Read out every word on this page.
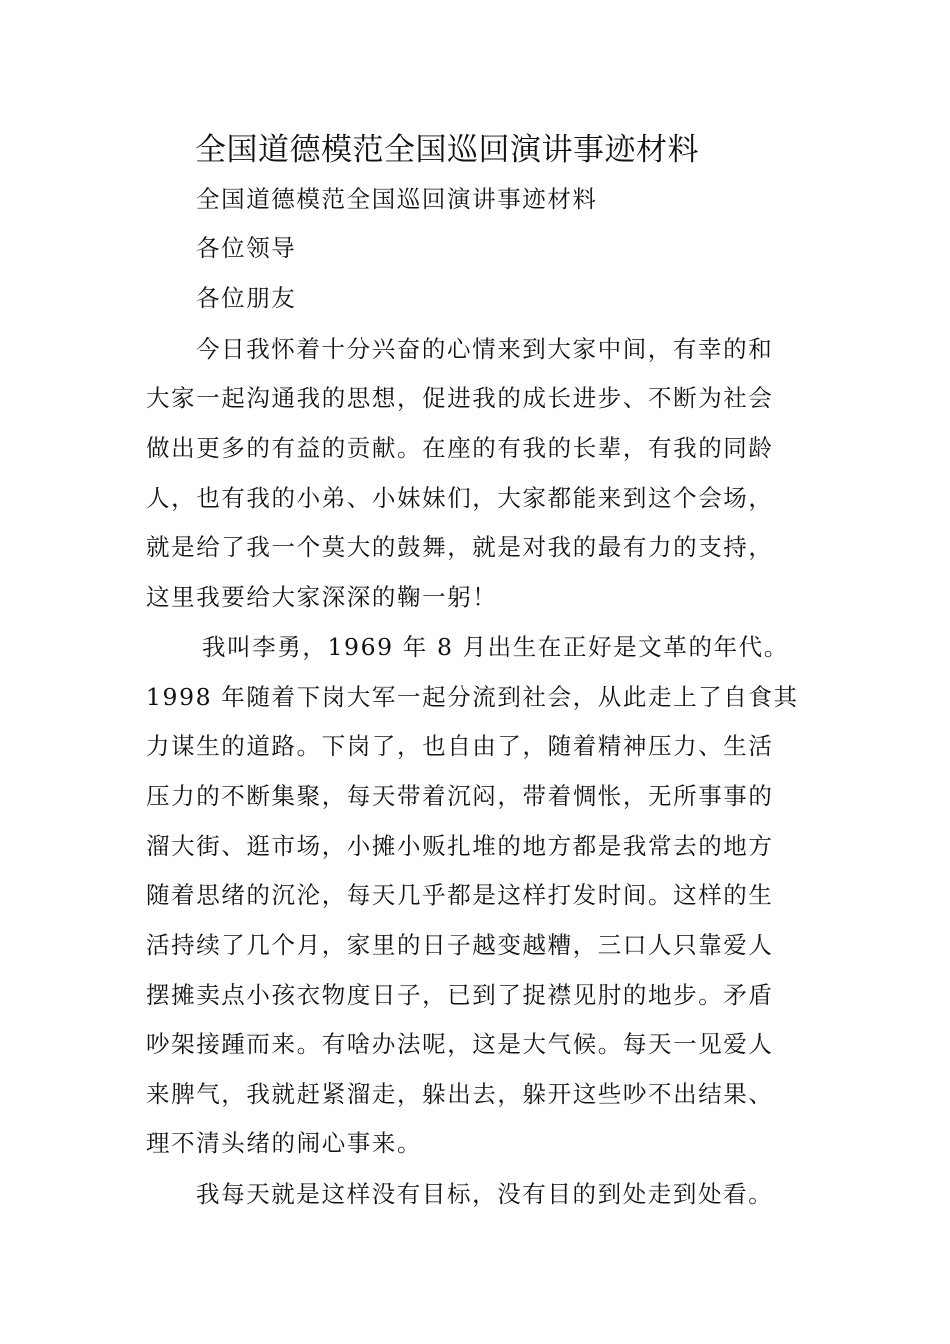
全国道德模范全国巡回演讲事迹材料
全国道德模范全国巡回演讲事迹材料
各位领导
各位朋友
今日我怀着十分兴奋的心情来到大家中间，有幸的和
大家一起沟通我的思想，促进我的成长进步、不断为社会
做出更多的有益的贡献。在座的有我的长辈，有我的同龄
人，也有我的小弟、小妹妹们，大家都能来到这个会场，
就是给了我一个莫大的鼓舞，就是对我的最有力的支持，
这里我要给大家深深的鞠一躬！
我叫李勇，1969 年 8 月出生在正好是文革的年代。
1998 年随着下岗大军一起分流到社会，从此走上了自食其
力谋生的道路。下岗了，也自由了，随着精神压力、生活
压力的不断集聚，每天带着沉闷，带着惆怅，无所事事的
溜大街、逛市场，小摊小贩扎堆的地方都是我常去的地方
随着思绪的沉沦，每天几乎都是这样打发时间。这样的生
活持续了几个月，家里的日子越变越糟，三口人只靠爱人
摆摊卖点小孩衣物度日子，已到了捉襟见肘的地步。矛盾
吵架接踵而来。有啥办法呢，这是大气候。每天一见爱人
来脾气，我就赶紧溜走，躲出去，躲开这些吵不出结果、
理不清头绪的闹心事来。
我每天就是这样没有目标，没有目的到处走到处看。
